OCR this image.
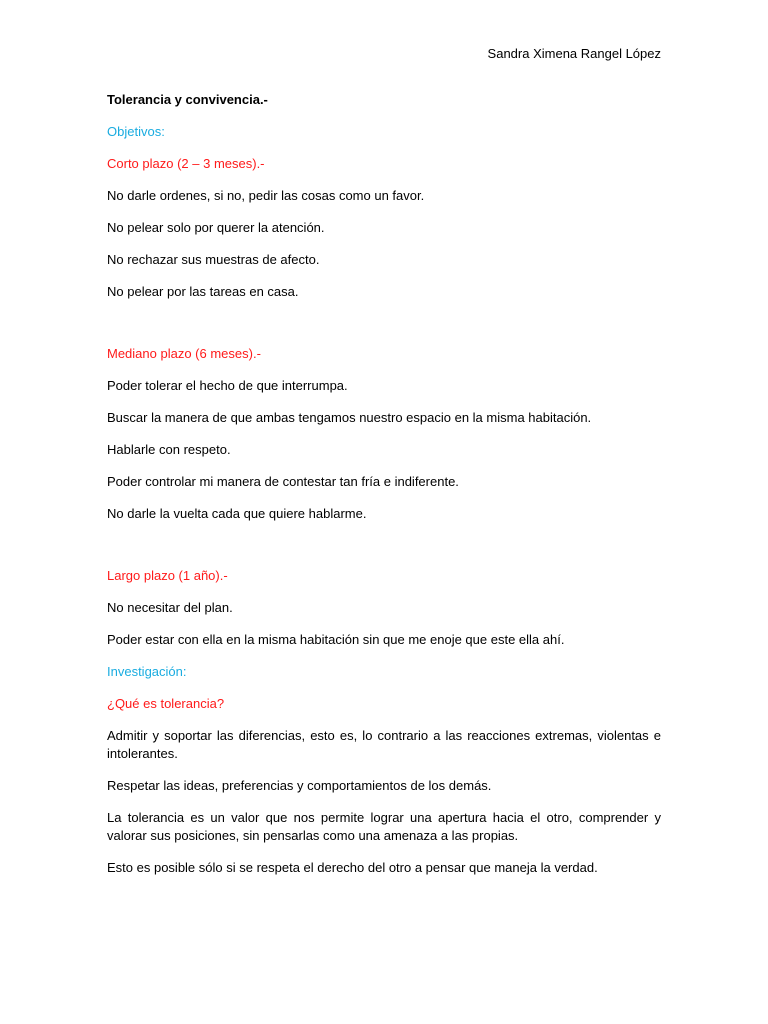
Sandra Ximena Rangel López

Tolerancia y convivencia.-

Objetivos:

Corto plazo (2 – 3 meses).-

No darle ordenes, si no, pedir las cosas como un favor.

No pelear solo por querer la atención.

No rechazar sus muestras de afecto.

No pelear por las tareas en casa.

Mediano plazo (6 meses).-

Poder tolerar el hecho de que interrumpa.

Buscar la manera de que ambas tengamos nuestro espacio en la misma habitación.

Hablarle con respeto.

Poder controlar mi manera de contestar tan fría e indiferente.

No darle la vuelta cada que quiere hablarme.

Largo plazo (1 año).-

No necesitar del plan.

Poder estar con ella en la misma habitación sin que me enoje que este ella ahí.

Investigación:

¿Qué es tolerancia?

Admitir y soportar las diferencias, esto es, lo contrario a las reacciones extremas, violentas e intolerantes.

Respetar las ideas, preferencias y comportamientos de los demás.

La tolerancia es un valor que nos permite lograr una apertura hacia el otro, comprender y valorar sus posiciones, sin pensarlas como una amenaza a las propias.

Esto es posible sólo si se respeta el derecho del otro a pensar que maneja la verdad.
